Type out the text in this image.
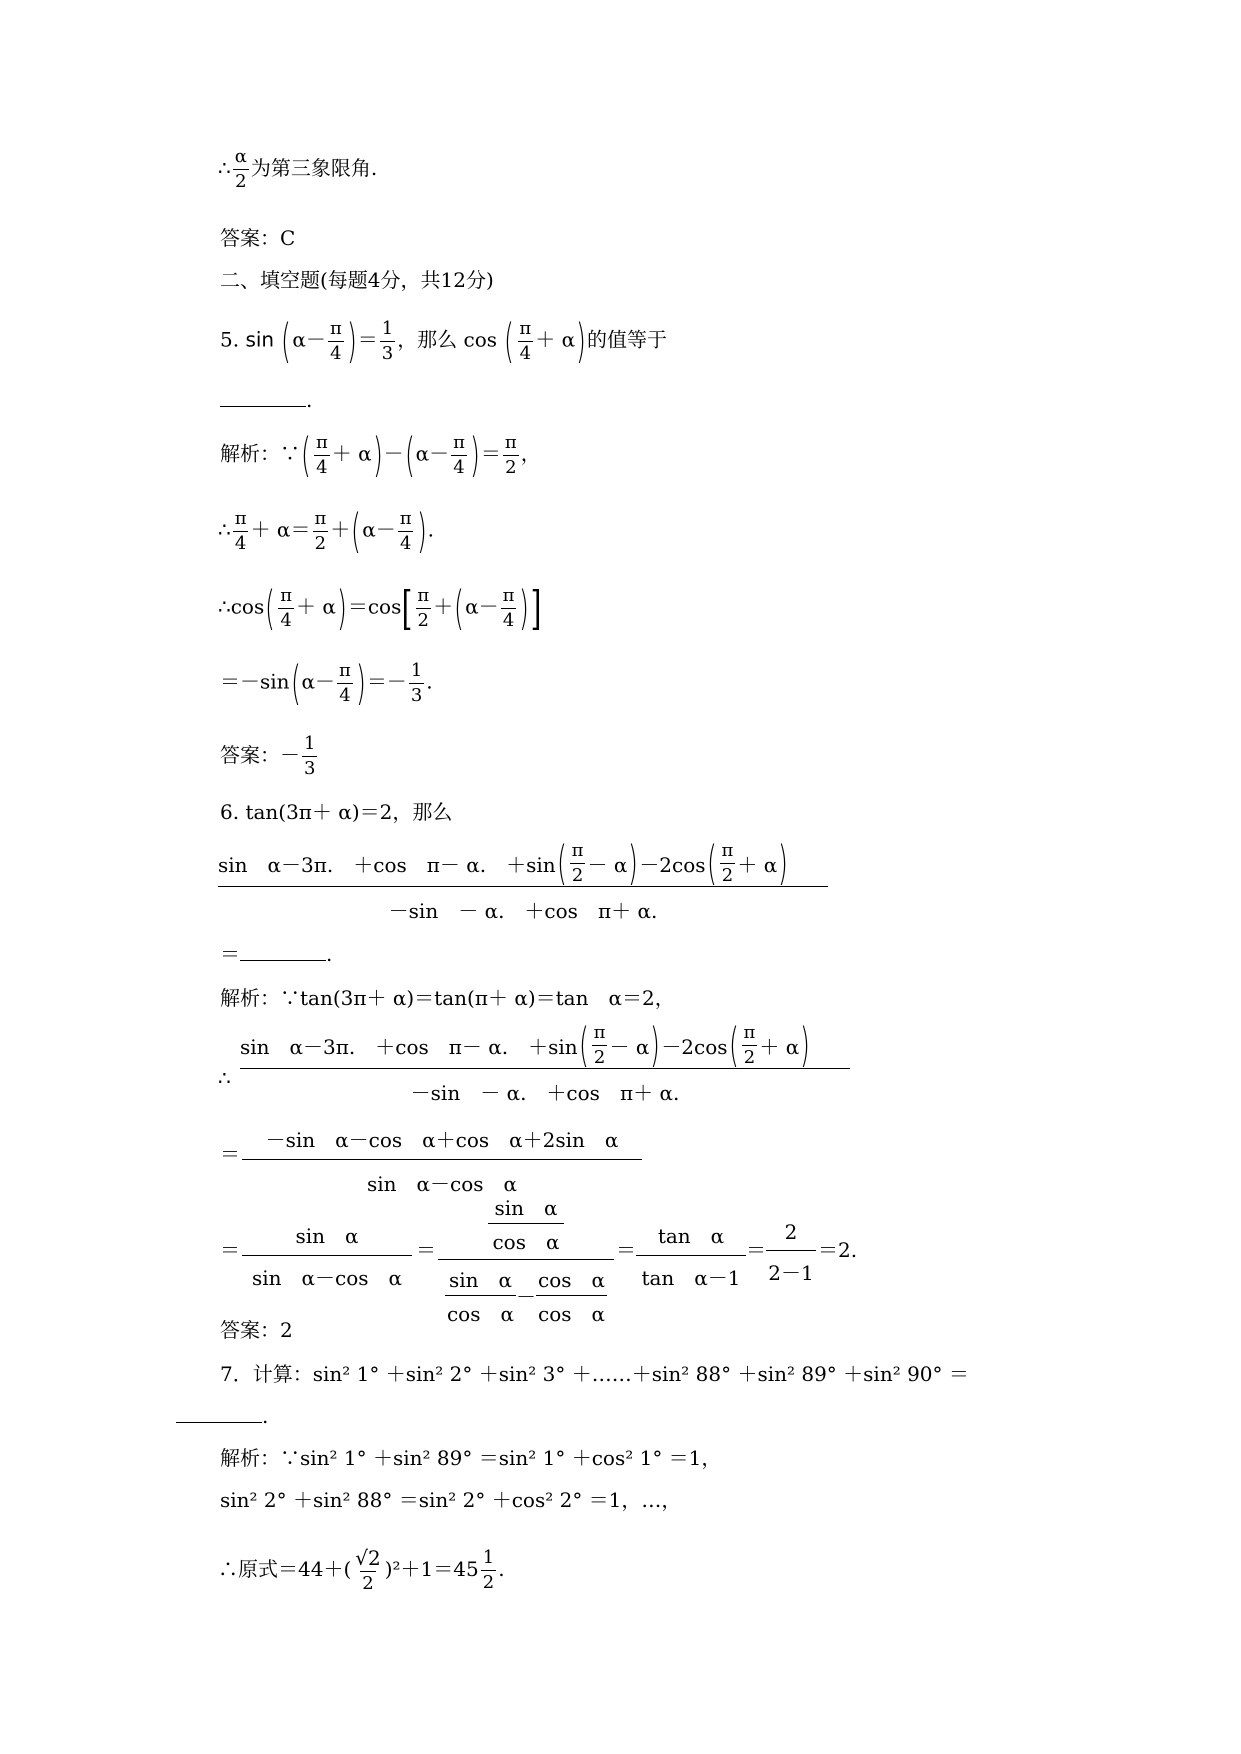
∴ $\frac{\alpha}{2}$ 为第三象限角.
答案：C
二、填空题(每题4分，共12分)
5. $\sin (\alpha- \frac{\pi}{4}$ )＝ $\frac{1}{3}$ ，那么 cos ( $\frac{\pi}{4} + \alpha$)的值等于
.
解析：∵( $\frac{\pi}{4} + \alpha)-(\alpha- \frac{\pi}{4}$ )＝ $\frac{\pi}{2}$ ，
∴ $\frac{\pi}{4} + \alpha= \frac{\pi}{2} +(\alpha- \frac{\pi}{4}$ ).
∴cos( $\frac{\pi}{4} + \alpha)=\cos[ \frac{\pi}{2} +(\alpha- \frac{\pi}{4}$ )]
$=-\sin(\alpha- \frac{\pi}{4}$ )＝－ $\frac{1}{3}$ .
答案：－ $\frac{1}{3}$
6. tan(3π＋ α)＝2，那么
sin　α－3π.　＋cos　π－ α.　＋sin ( $\frac{\pi}{2} - \alpha$ ) －2cos ( $\frac{\pi}{2} + \alpha$ )
－sin　－ α.　＋cos　π＋ α.
＝	.
解析：∵tan(3π＋ α)＝tan(π＋ α)＝tan　α＝2，
∴
sin　α－3π.　＋cos　π－ α.　＋sin ( $\frac{\pi}{2} - \alpha$ ) －2cos ( $\frac{\pi}{2} + \alpha$ )
－sin　－ α.　＋cos　π＋ α.
＝
－sin　α－cos　α＋cos　α＋2sin　α
sin　α－cos　α
＝
sin　α
sin　α－cos　α
＝	$\frac{\text{sin　α}}{\text{cos　α}}$
$\frac{\text{sin　α}}{\text{cos　α}} - \frac{\text{cos　α}}{\text{cos　α}}$
＝
tan　α
tan　α－1
＝
2
2－1
＝2.
答案：2
7．计算：sin² 1° ＋sin² 2° ＋sin² 3° ＋……＋sin² 88° ＋sin² 89° ＋sin² 90° ＝
.
解析：∵sin² 1° ＋sin² 89° ＝sin² 1° ＋cos² 1° ＝1，
sin² 2° ＋sin² 88° ＝sin² 2° ＋cos² 2° ＝1，…，
∴原式$=44+( \frac{√2}{2} )^2+1=45 \frac{1}{2}$ .
